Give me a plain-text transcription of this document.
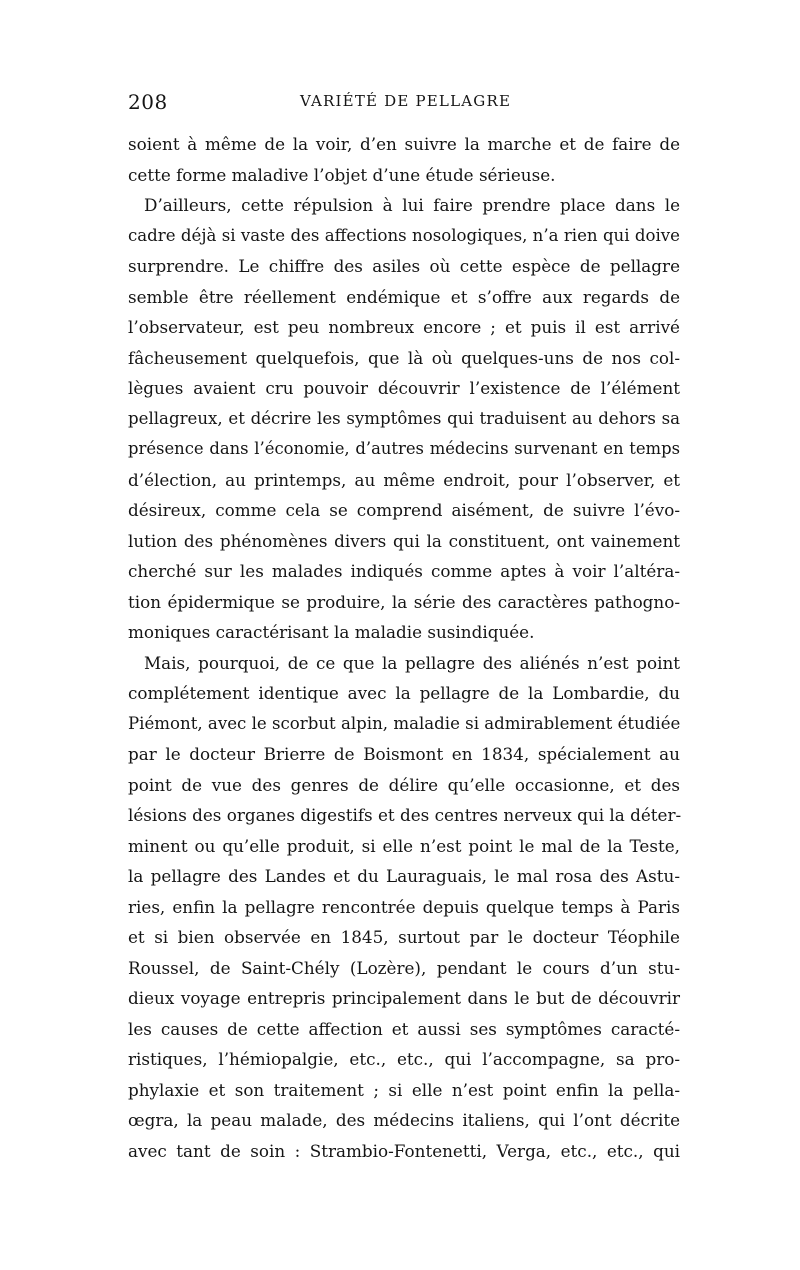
208	VARIÉTÉ DE PELLAGRE
soient à même de la voir, d’en suivre la marche et de faire de
cette forme maladive l’objet d’une étude sérieuse.
D’ailleurs, cette répulsion à lui faire prendre place dans le
cadre déjà si vaste des affections nosologiques, n’a rien qui doive
surprendre. Le chiffre des asiles où cette espèce de pellagre
semble être réellement endémique et s’offre aux regards de
l’observateur, est peu nombreux encore ; et puis il est arrivé
fâcheusement quelquefois, que là où quelques-uns de nos col-
lègues avaient cru pouvoir découvrir l’existence de l’élément
pellagreux, et décrire les symptômes qui traduisent au dehors sa
présence dans l’économie, d’autres médecins survenant en temps
d’élection, au printemps, au même endroit, pour l’observer, et
désireux, comme cela se comprend aisément, de suivre l’évo-
lution des phénomènes divers qui la constituent, ont vainement
cherché sur les malades indiqués comme aptes à voir l’altéra-
tion épidermique se produire, la série des caractères pathogno-
moniques caractérisant la maladie susindiquée.
Mais, pourquoi, de ce que la pellagre des aliénés n’est point
complétement identique avec la pellagre de la Lombardie, du
Piémont, avec le scorbut alpin, maladie si admirablement étudiée
par le docteur Brierre de Boismont en 1834, spécialement au
point de vue des genres de délire qu’elle occasionne, et des
lésions des organes digestifs et des centres nerveux qui la déter-
minent ou qu’elle produit, si elle n’est point le mal de la Teste,
la pellagre des Landes et du Lauraguais, le mal rosa des Astu-
ries, enfin la pellagre rencontrée depuis quelque temps à Paris
et si bien observée en 1845, surtout par le docteur Téophile
Roussel, de Saint-Chély (Lozère), pendant le cours d’un stu-
dieux voyage entrepris principalement dans le but de découvrir
les causes de cette affection et aussi ses symptômes caracté-
ristiques, l’hémiopalgie, etc., etc., qui l’accompagne, sa pro-
phylaxie et son traitement ; si elle n’est point enfin la pella-
œgra, la peau malade, des médecins italiens, qui l’ont décrite
avec tant de soin : Strambio-Fontenetti, Verga, etc., etc., qui
